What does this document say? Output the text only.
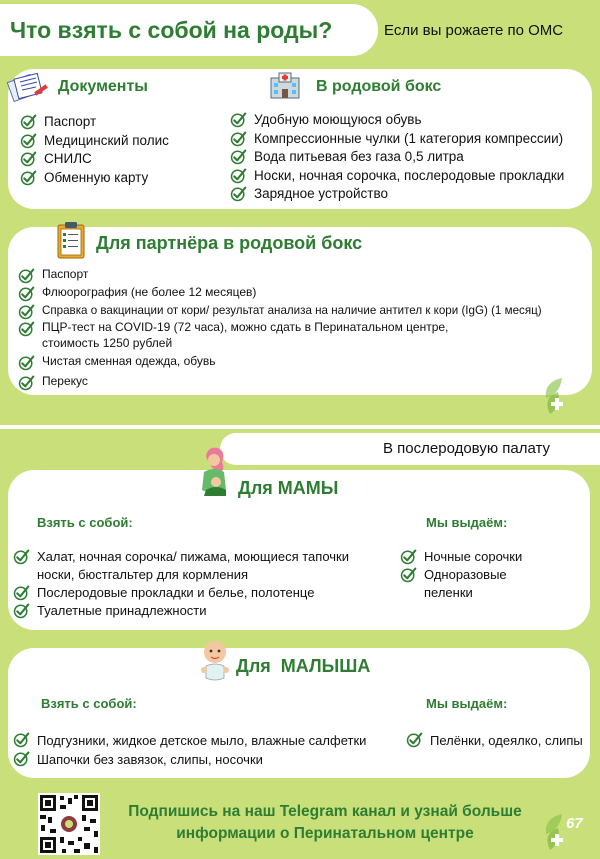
Что взять с собой на роды?	Если вы рожаете по ОМС
Документы
Паспорт
Медицинский полис
СНИЛС
Обменную карту
В родовой бокс
Удобную моющуюся обувь
Компрессионные чулки (1 категория компрессии)
Вода питьевая без газа 0,5 литра
Носки, ночная сорочка, послеродовые прокладки
Зарядное устройство
Для партнёра в родовой бокс
Паспорт
Флюорография (не более 12 месяцев)
Справка о вакцинации от кори/ результат анализа на наличие антител к кори (IgG) (1 месяц)
ПЦР-тест на COVID-19 (72 часа), можно сдать в Перинатальном центре,
стоимость 1250 рублей
Чистая сменная одежда, обувь
Перекус	67
В послеродовую палату
Для МАМЫ
Взять с собой:	Мы выдаём:
Халат, ночная сорочка/ пижама, моющиеся тапочки
носки, бюстгальтер для кормления
Послеродовые прокладки и белье, полотенце
Туалетные принадлежности
Ночные сорочки
Одноразовые
пеленки
Для  МАЛЫША
Взять с собой:	Мы выдаём:
Подгузники, жидкое детское мыло, влажные салфетки
Шапочки без завязок, слипы, носочки
Пелёнки, одеялко, слипы
Подпишись на наш Telegram канал и узнай больше
информации о Перинатальном центре
67
